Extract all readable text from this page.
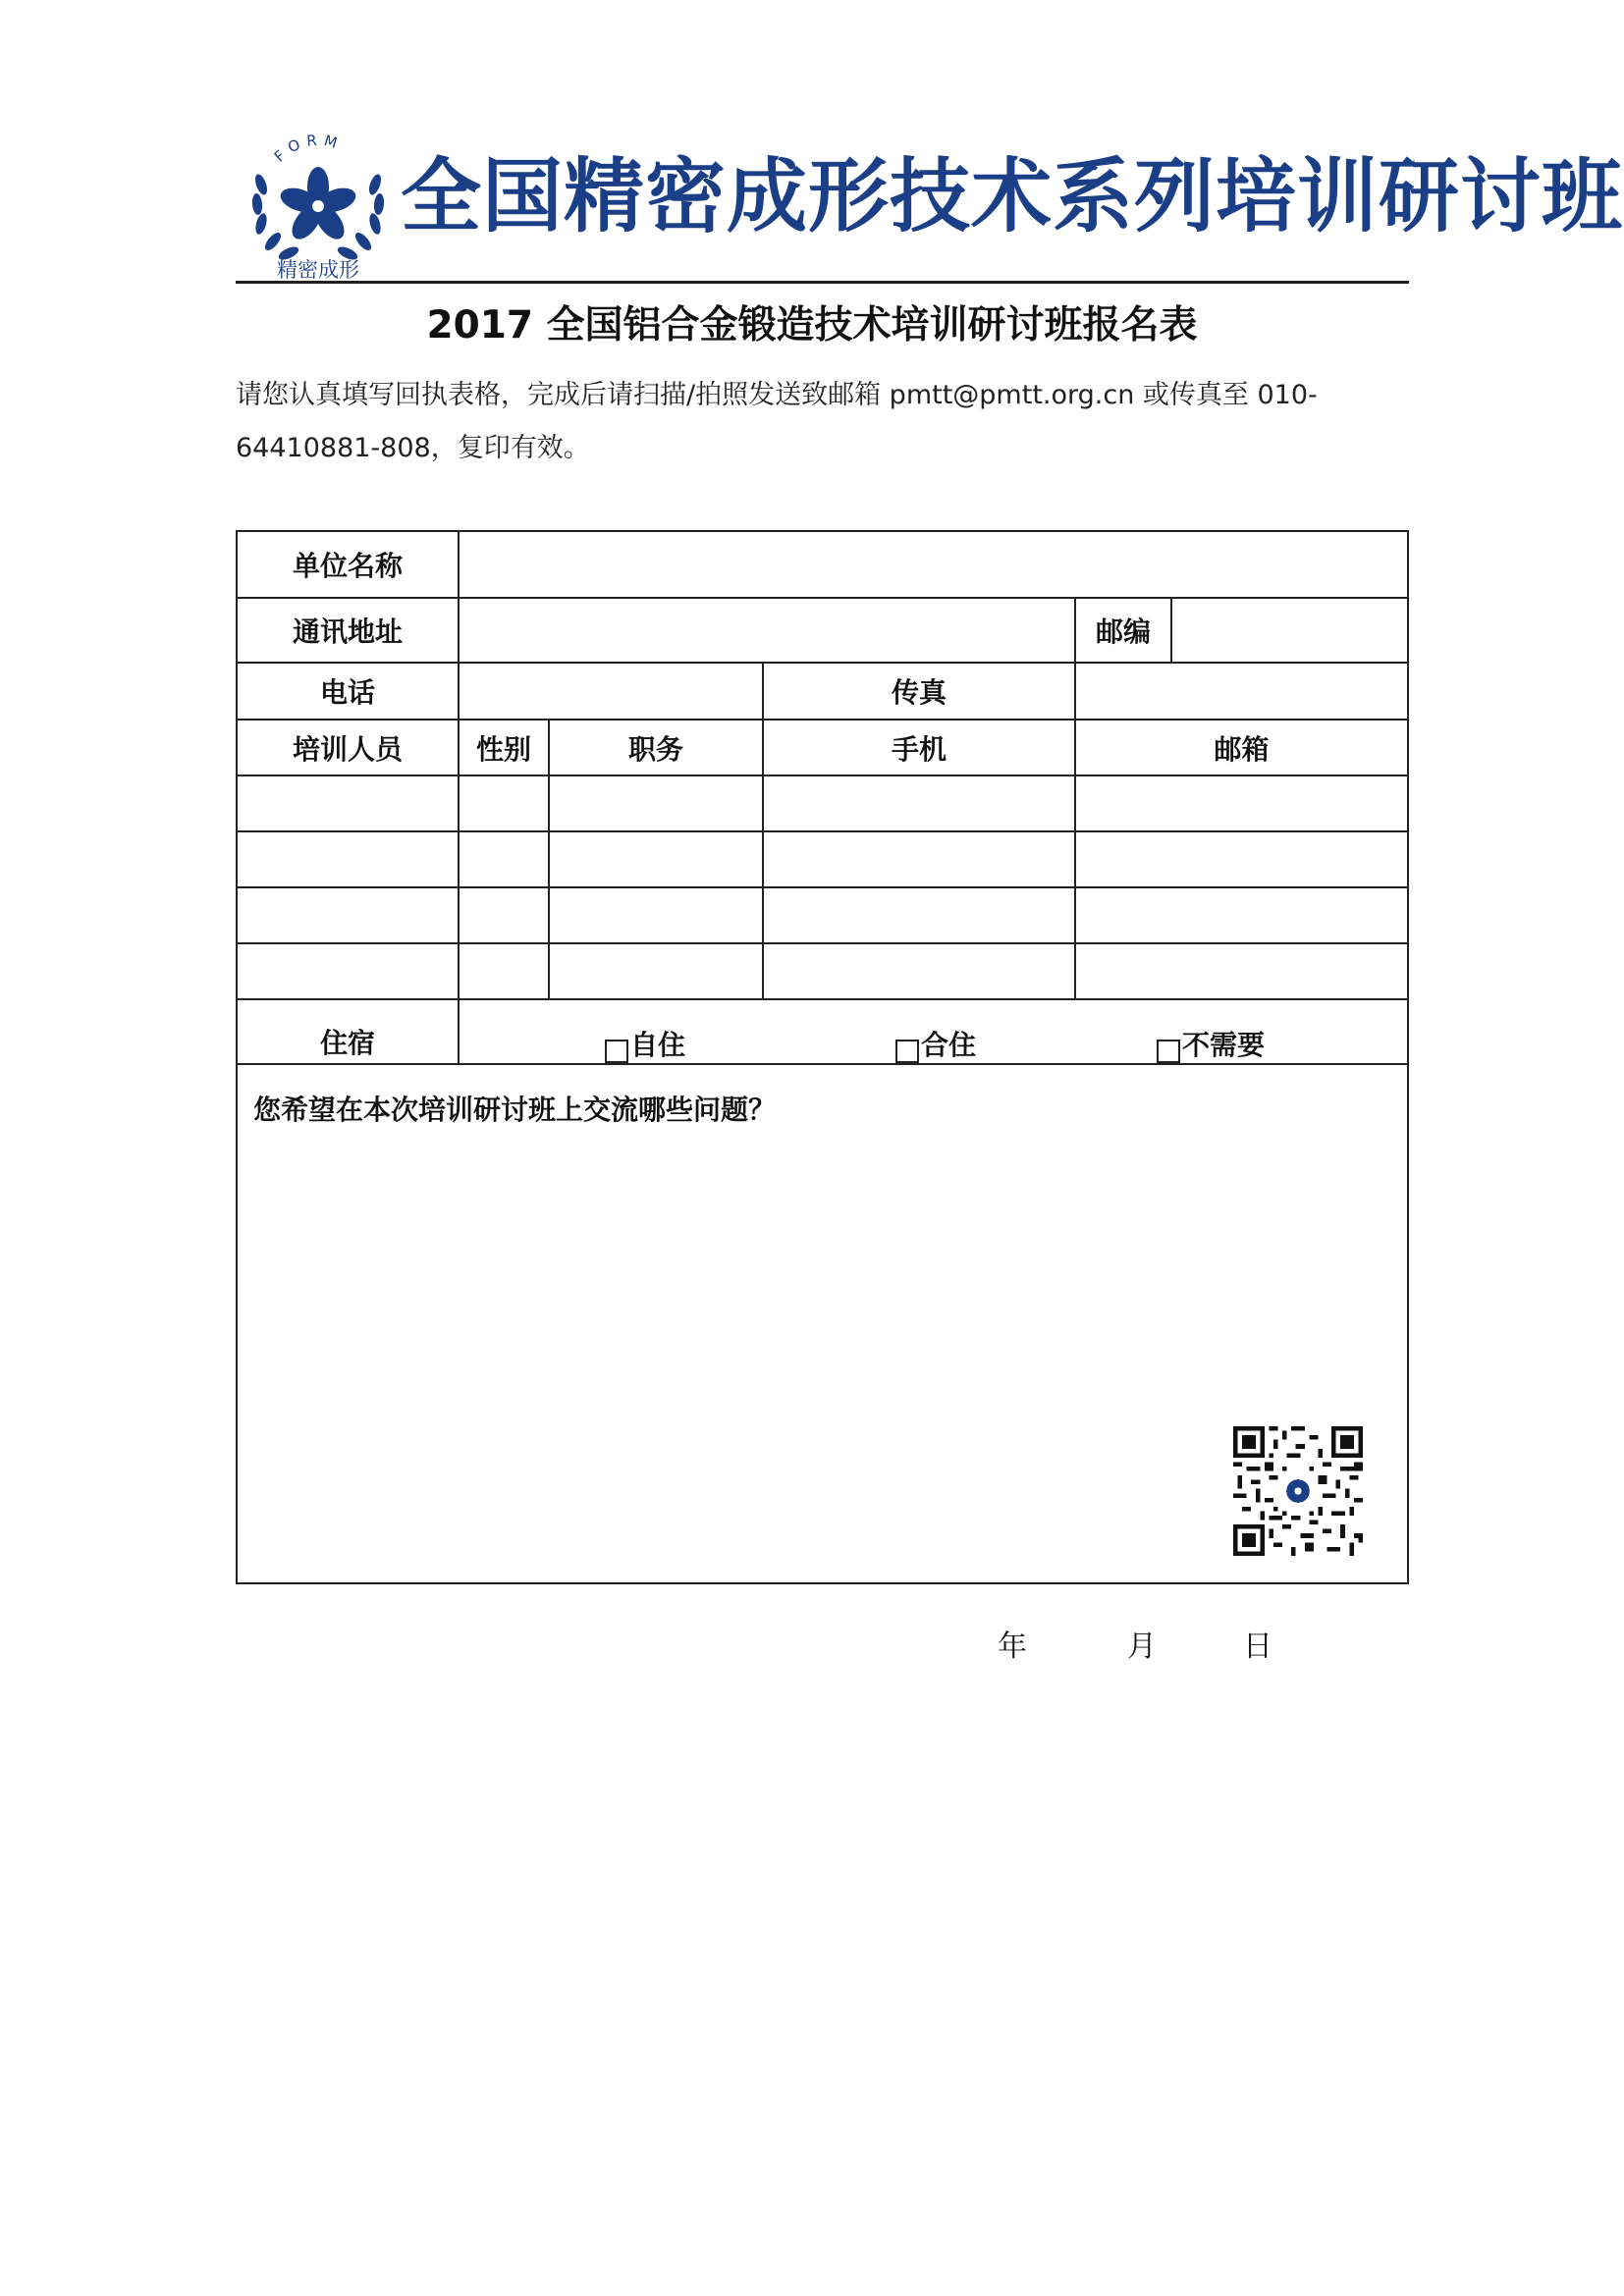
FORM
精密成形
全国精密成形技术系列培训研讨班
2017 全国铝合金锻造技术培训研讨班报名表
请您认真填写回执表格，完成后请扫描/拍照发送致邮箱 pmtt@pmtt.org.cn 或传真至 010-
64410881-808，复印有效。
单位名称					
通讯地址				邮编	
电话			传真		
培训人员	性别	职务	手机	邮箱	

住宿	自住 合住 不需要				

您希望在本次培训研讨班上交流哪些问题？					
年	月	日
